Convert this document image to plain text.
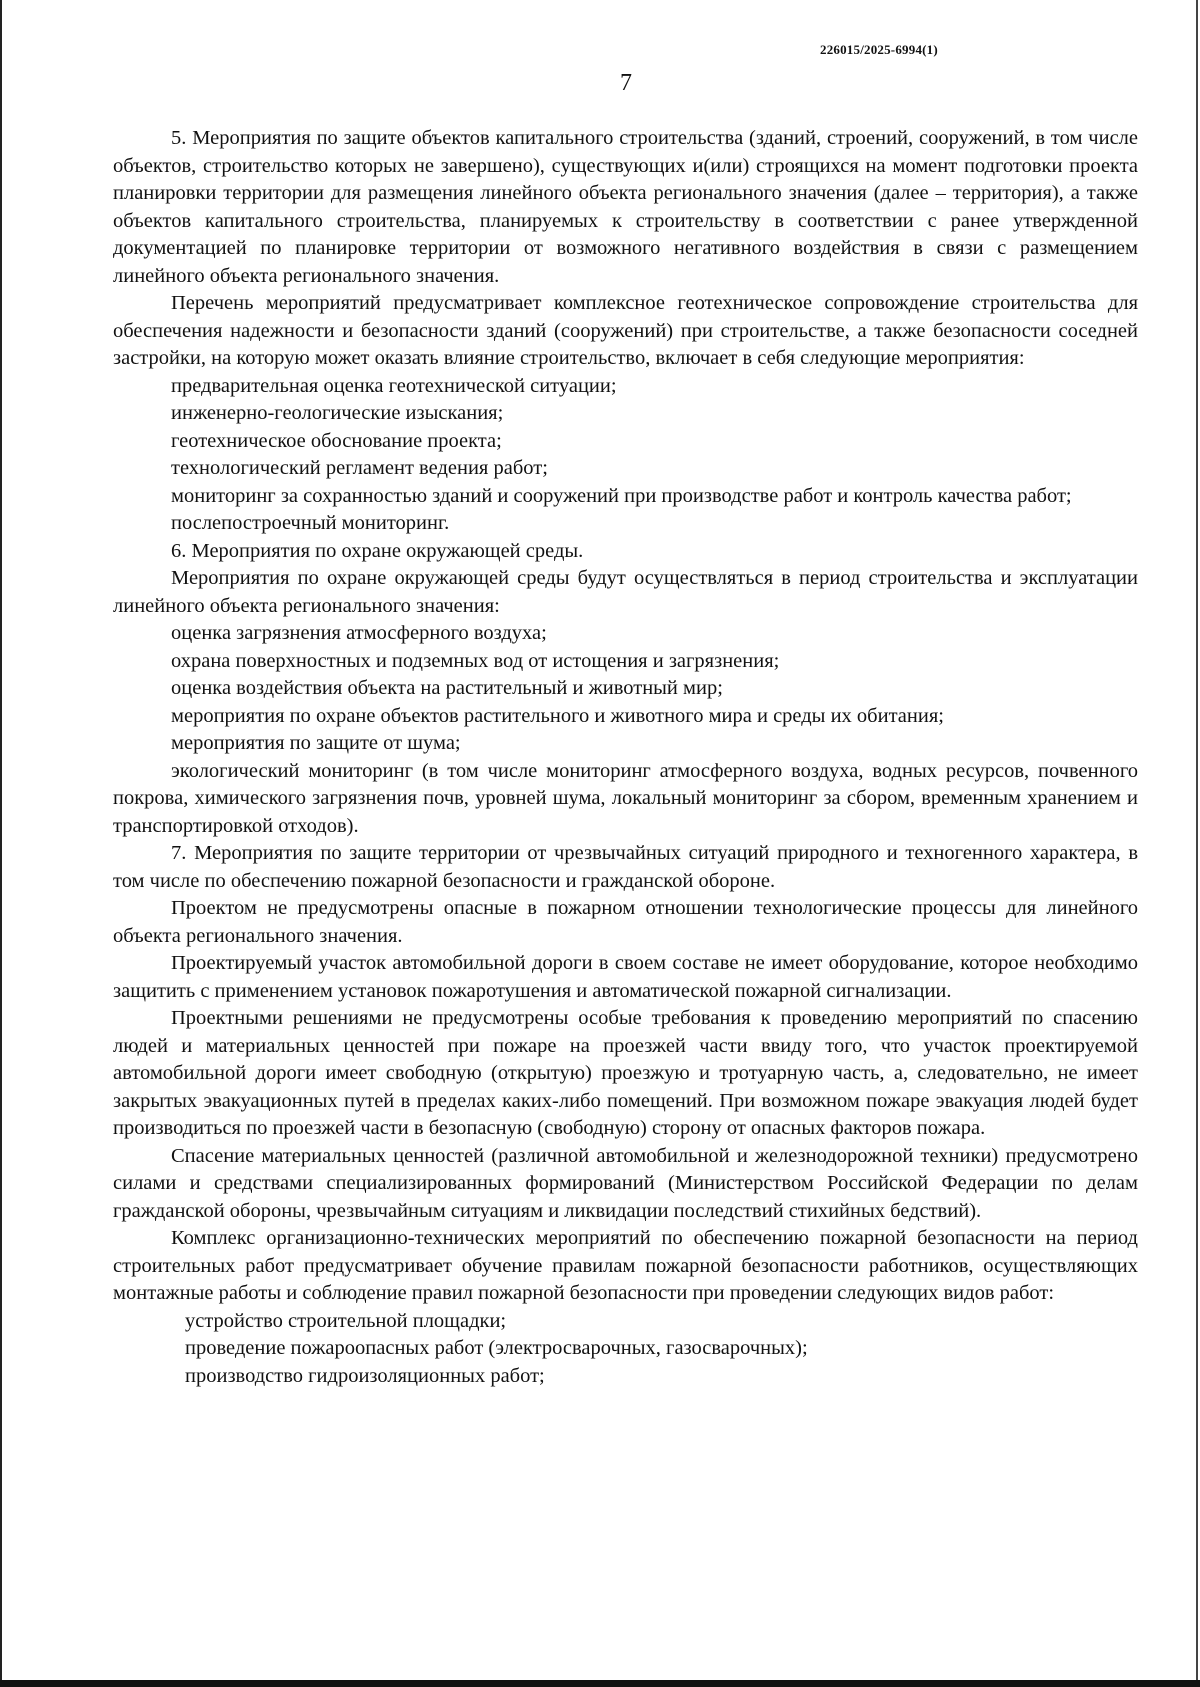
226015/2025-6994(1)
7

5. Мероприятия по защите объектов капитального строительства (зданий, строений, сооружений, в том числе объектов, строительство которых не завершено), существующих и(или) строящихся на момент подготовки проекта планировки территории для размещения линейного объекта регионального значения (далее – территория), а также объектов капитального строительства, планируемых к строительству в соответствии с ранее утвержденной документацией по планировке территории от возможного негативного воздействия в связи с размещением линейного объекта регионального значения.

Перечень мероприятий предусматривает комплексное геотехническое сопровождение строительства для обеспечения надежности и безопасности зданий (сооружений) при строительстве, а также безопасности соседней застройки, на которую может оказать влияние строительство, включает в себя следующие мероприятия:

предварительная оценка геотехнической ситуации;

инженерно-геологические изыскания;

геотехническое обоснование проекта;

технологический регламент ведения работ;

мониторинг за сохранностью зданий и сооружений при производстве работ и контроль качества работ;

послепостроечный мониторинг.

6. Мероприятия по охране окружающей среды.

Мероприятия по охране окружающей среды будут осуществляться в период строительства и эксплуатации линейного объекта регионального значения:

оценка загрязнения атмосферного воздуха;

охрана поверхностных и подземных вод от истощения и загрязнения;

оценка воздействия объекта на растительный и животный мир;

мероприятия по охране объектов растительного и животного мира и среды их обитания;

мероприятия по защите от шума;

экологический мониторинг (в том числе мониторинг атмосферного воздуха, водных ресурсов, почвенного покрова, химического загрязнения почв, уровней шума, локальный мониторинг за сбором, временным хранением и транспортировкой отходов).

7. Мероприятия по защите территории от чрезвычайных ситуаций природного и техногенного характера, в том числе по обеспечению пожарной безопасности и гражданской обороне.

Проектом не предусмотрены опасные в пожарном отношении технологические процессы для линейного объекта регионального значения.

Проектируемый участок автомобильной дороги в своем составе не имеет оборудование, которое необходимо защитить с применением установок пожаротушения и автоматической пожарной сигнализации.

Проектными решениями не предусмотрены особые требования к проведению мероприятий по спасению людей и материальных ценностей при пожаре на проезжей части ввиду того, что участок проектируемой автомобильной дороги имеет свободную (открытую) проезжую и тротуарную часть, а, следовательно, не имеет закрытых эвакуационных путей в пределах каких-либо помещений. При возможном пожаре эвакуация людей будет производиться по проезжей части в безопасную (свободную) сторону от опасных факторов пожара.

Спасение материальных ценностей (различной автомобильной и железнодорожной техники) предусмотрено силами и средствами специализированных формирований (Министерством Российской Федерации по делам гражданской обороны, чрезвычайным ситуациям и ликвидации последствий стихийных бедствий).

Комплекс организационно-технических мероприятий по обеспечению пожарной безопасности на период строительных работ предусматривает обучение правилам пожарной безопасности работников, осуществляющих монтажные работы и соблюдение правил пожарной безопасности при проведении следующих видов работ:

устройство строительной площадки;

проведение пожароопасных работ (электросварочных, газосварочных);

производство гидроизоляционных работ;
